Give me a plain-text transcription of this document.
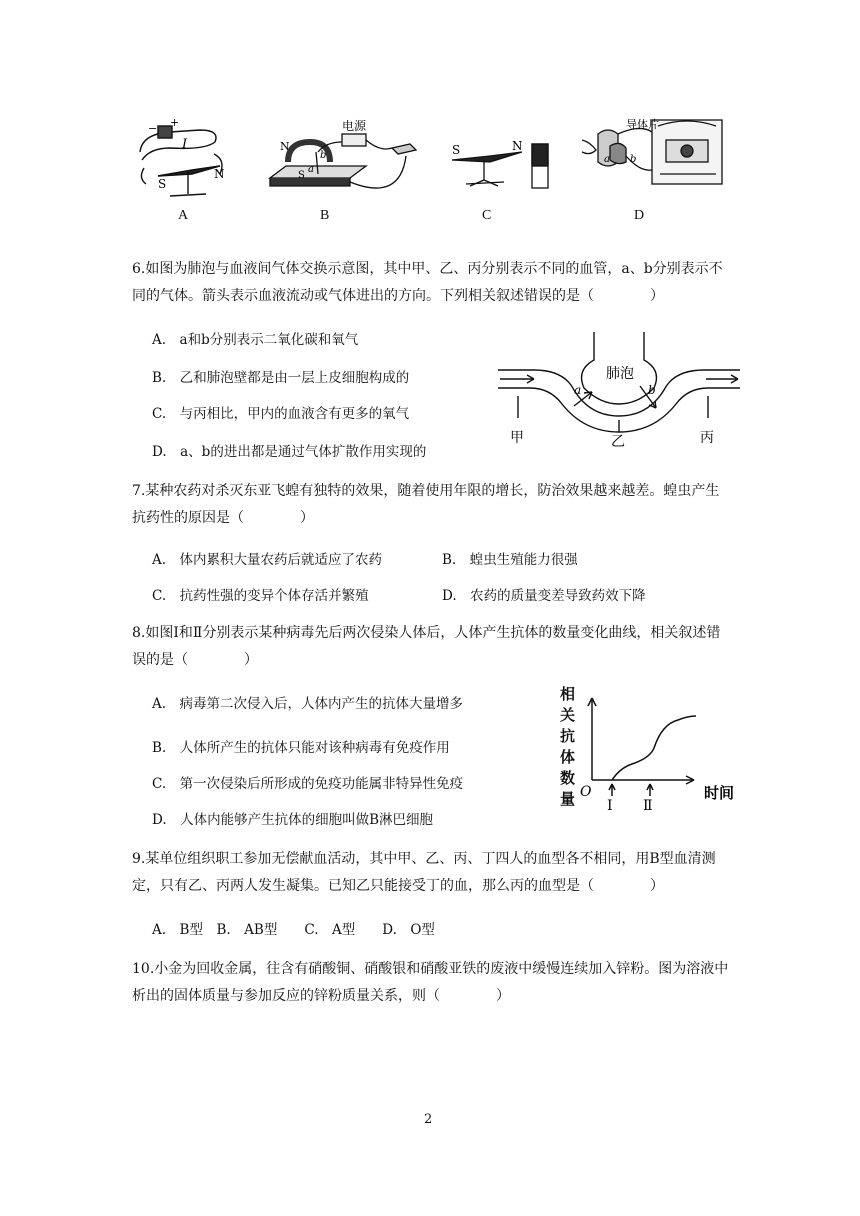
− +
I
S
N
电源
N
b
a
S
S	N
导体片
a b
A	B	C	D
6.如图为肺泡与血液间气体交换示意图，其中甲、乙、丙分别表示不同的血管，a、b分别表示不同的气体。箭头表示血液流动或气体进出的方向。下列相关叙述错误的是（　　　　）
A.　a和b分别表示二氧化碳和氧气
B.　乙和肺泡壁都是由一层上皮细胞构成的
C.　与丙相比，甲内的血液含有更多的氧气
D.　a、b的进出都是通过气体扩散作用实现的
肺泡
a	b
甲	乙	丙
7.某种农药对杀灭东亚飞蝗有独特的效果，随着使用年限的增长，防治效果越来越差。蝗虫产生抗药性的原因是（　　　　）
A.　体内累积大量农药后就适应了农药	B.　蝗虫生殖能力很强
C.　抗药性强的变异个体存活并繁殖	D.　农药的质量变差导致药效下降
8.如图Ⅰ和Ⅱ分别表示某种病毒先后两次侵染人体后，人体产生抗体的数量变化曲线，相关叙述错误的是（　　　　）
A.　病毒第二次侵入后，人体内产生的抗体大量增多
B.　人体所产生的抗体只能对该种病毒有免疫作用
C.　第一次侵染后所形成的免疫功能属非特异性免疫
D.　人体内能够产生抗体的细胞叫做B淋巴细胞
相关抗体数量 O
Ⅰ Ⅱ
时间
9.某单位组织职工参加无偿献血活动，其中甲、乙、丙、丁四人的血型各不相同，用B型血清测定，只有乙、丙两人发生凝集。已知乙只能接受丁的血，那么丙的血型是（　　　　）
A.　B型　B.　AB型　　C.　A型　　D.　O型
10.小金为回收金属，往含有硝酸铜、硝酸银和硝酸亚铁的废液中缓慢连续加入锌粉。图为溶液中析出的固体质量与参加反应的锌粉质量关系，则（　　　　）
2
